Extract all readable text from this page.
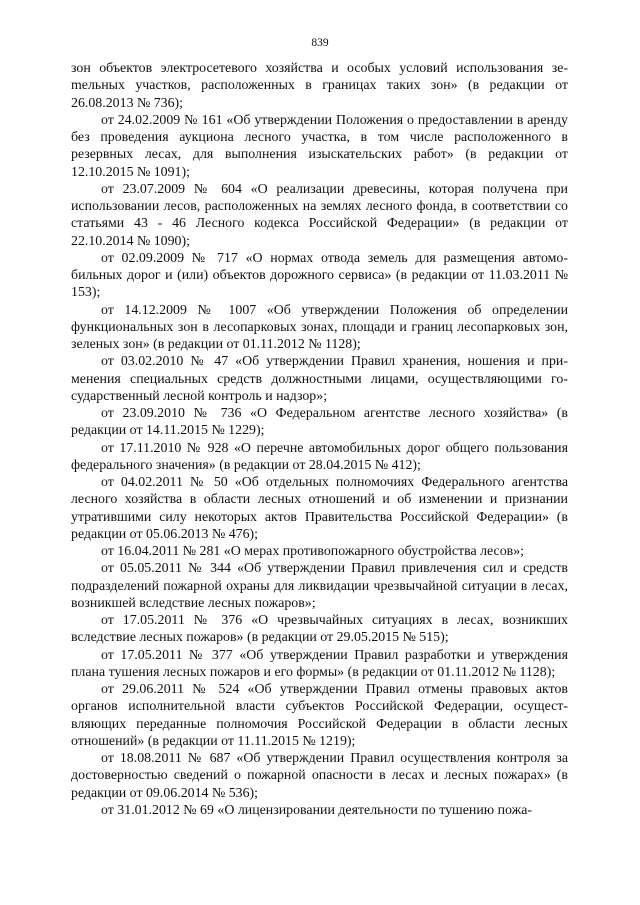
839

зон объектов электросетевого хозяйства и особых условий использования зеmельных участков, расположенных в границах таких зон» (в редакции от 26.08.2013 № 736);

от 24.02.2009 № 161 «Об утверждении Положения о предоставлении в аренду без проведения аукциона лесного участка, в том числе расположенного в резервных лесах, для выполнения изыскательских работ» (в редакции от 12.10.2015 № 1091);

от 23.07.2009 № 604 «О реализации древесины, которая получена при использовании лесов, расположенных на землях лесного фонда, в соответствии со статьями 43 - 46 Лесного кодекса Российской Федерации» (в редакции от 22.10.2014 № 1090);

от 02.09.2009 № 717 «О нормах отвода земель для размещения автомобильных дорог и (или) объектов дорожного сервиса» (в редакции от 11.03.2011 № 153);

от 14.12.2009 № 1007 «Об утверждении Положения об определении функциональных зон в лесопарковых зонах, площади и границ лесопарковых зон, зеленых зон» (в редакции от 01.11.2012 № 1128);

от 03.02.2010 № 47 «Об утверждении Правил хранения, ношения и применения специальных средств должностными лицами, осуществляющими государственный лесной контроль и надзор»;

от 23.09.2010 № 736 «О Федеральном агентстве лесного хозяйства» (в редакции от 14.11.2015 № 1229);

от 17.11.2010 № 928 «О перечне автомобильных дорог общего пользования федерального значения» (в редакции от 28.04.2015 № 412);

от 04.02.2011 № 50 «Об отдельных полномочиях Федерального агентства лесного хозяйства в области лесных отношений и об изменении и признании утратившими силу некоторых актов Правительства Российской Федерации» (в редакции от 05.06.2013 № 476);

от 16.04.2011 № 281 «О мерах противопожарного обустройства лесов»;

от 05.05.2011 № 344 «Об утверждении Правил привлечения сил и средств подразделений пожарной охраны для ликвидации чрезвычайной ситуации в лесах, возникшей вследствие лесных пожаров»;

от 17.05.2011 № 376 «О чрезвычайных ситуациях в лесах, возникших вследствие лесных пожаров» (в редакции от 29.05.2015 № 515);

от 17.05.2011 № 377 «Об утверждении Правил разработки и утверждения плана тушения лесных пожаров и его формы» (в редакции от 01.11.2012 № 1128);

от 29.06.2011 № 524 «Об утверждении Правил отмены правовых актов органов исполнительной власти субъектов Российской Федерации, осуществляющих переданные полномочия Российской Федерации в области лесных отношений» (в редакции от 11.11.2015 № 1219);

от 18.08.2011 № 687 «Об утверждении Правил осуществления контроля за достоверностью сведений о пожарной опасности в лесах и лесных пожарах» (в редакции от 09.06.2014 № 536);

от 31.01.2012 № 69 «О лицензировании деятельности по тушению пожа-
